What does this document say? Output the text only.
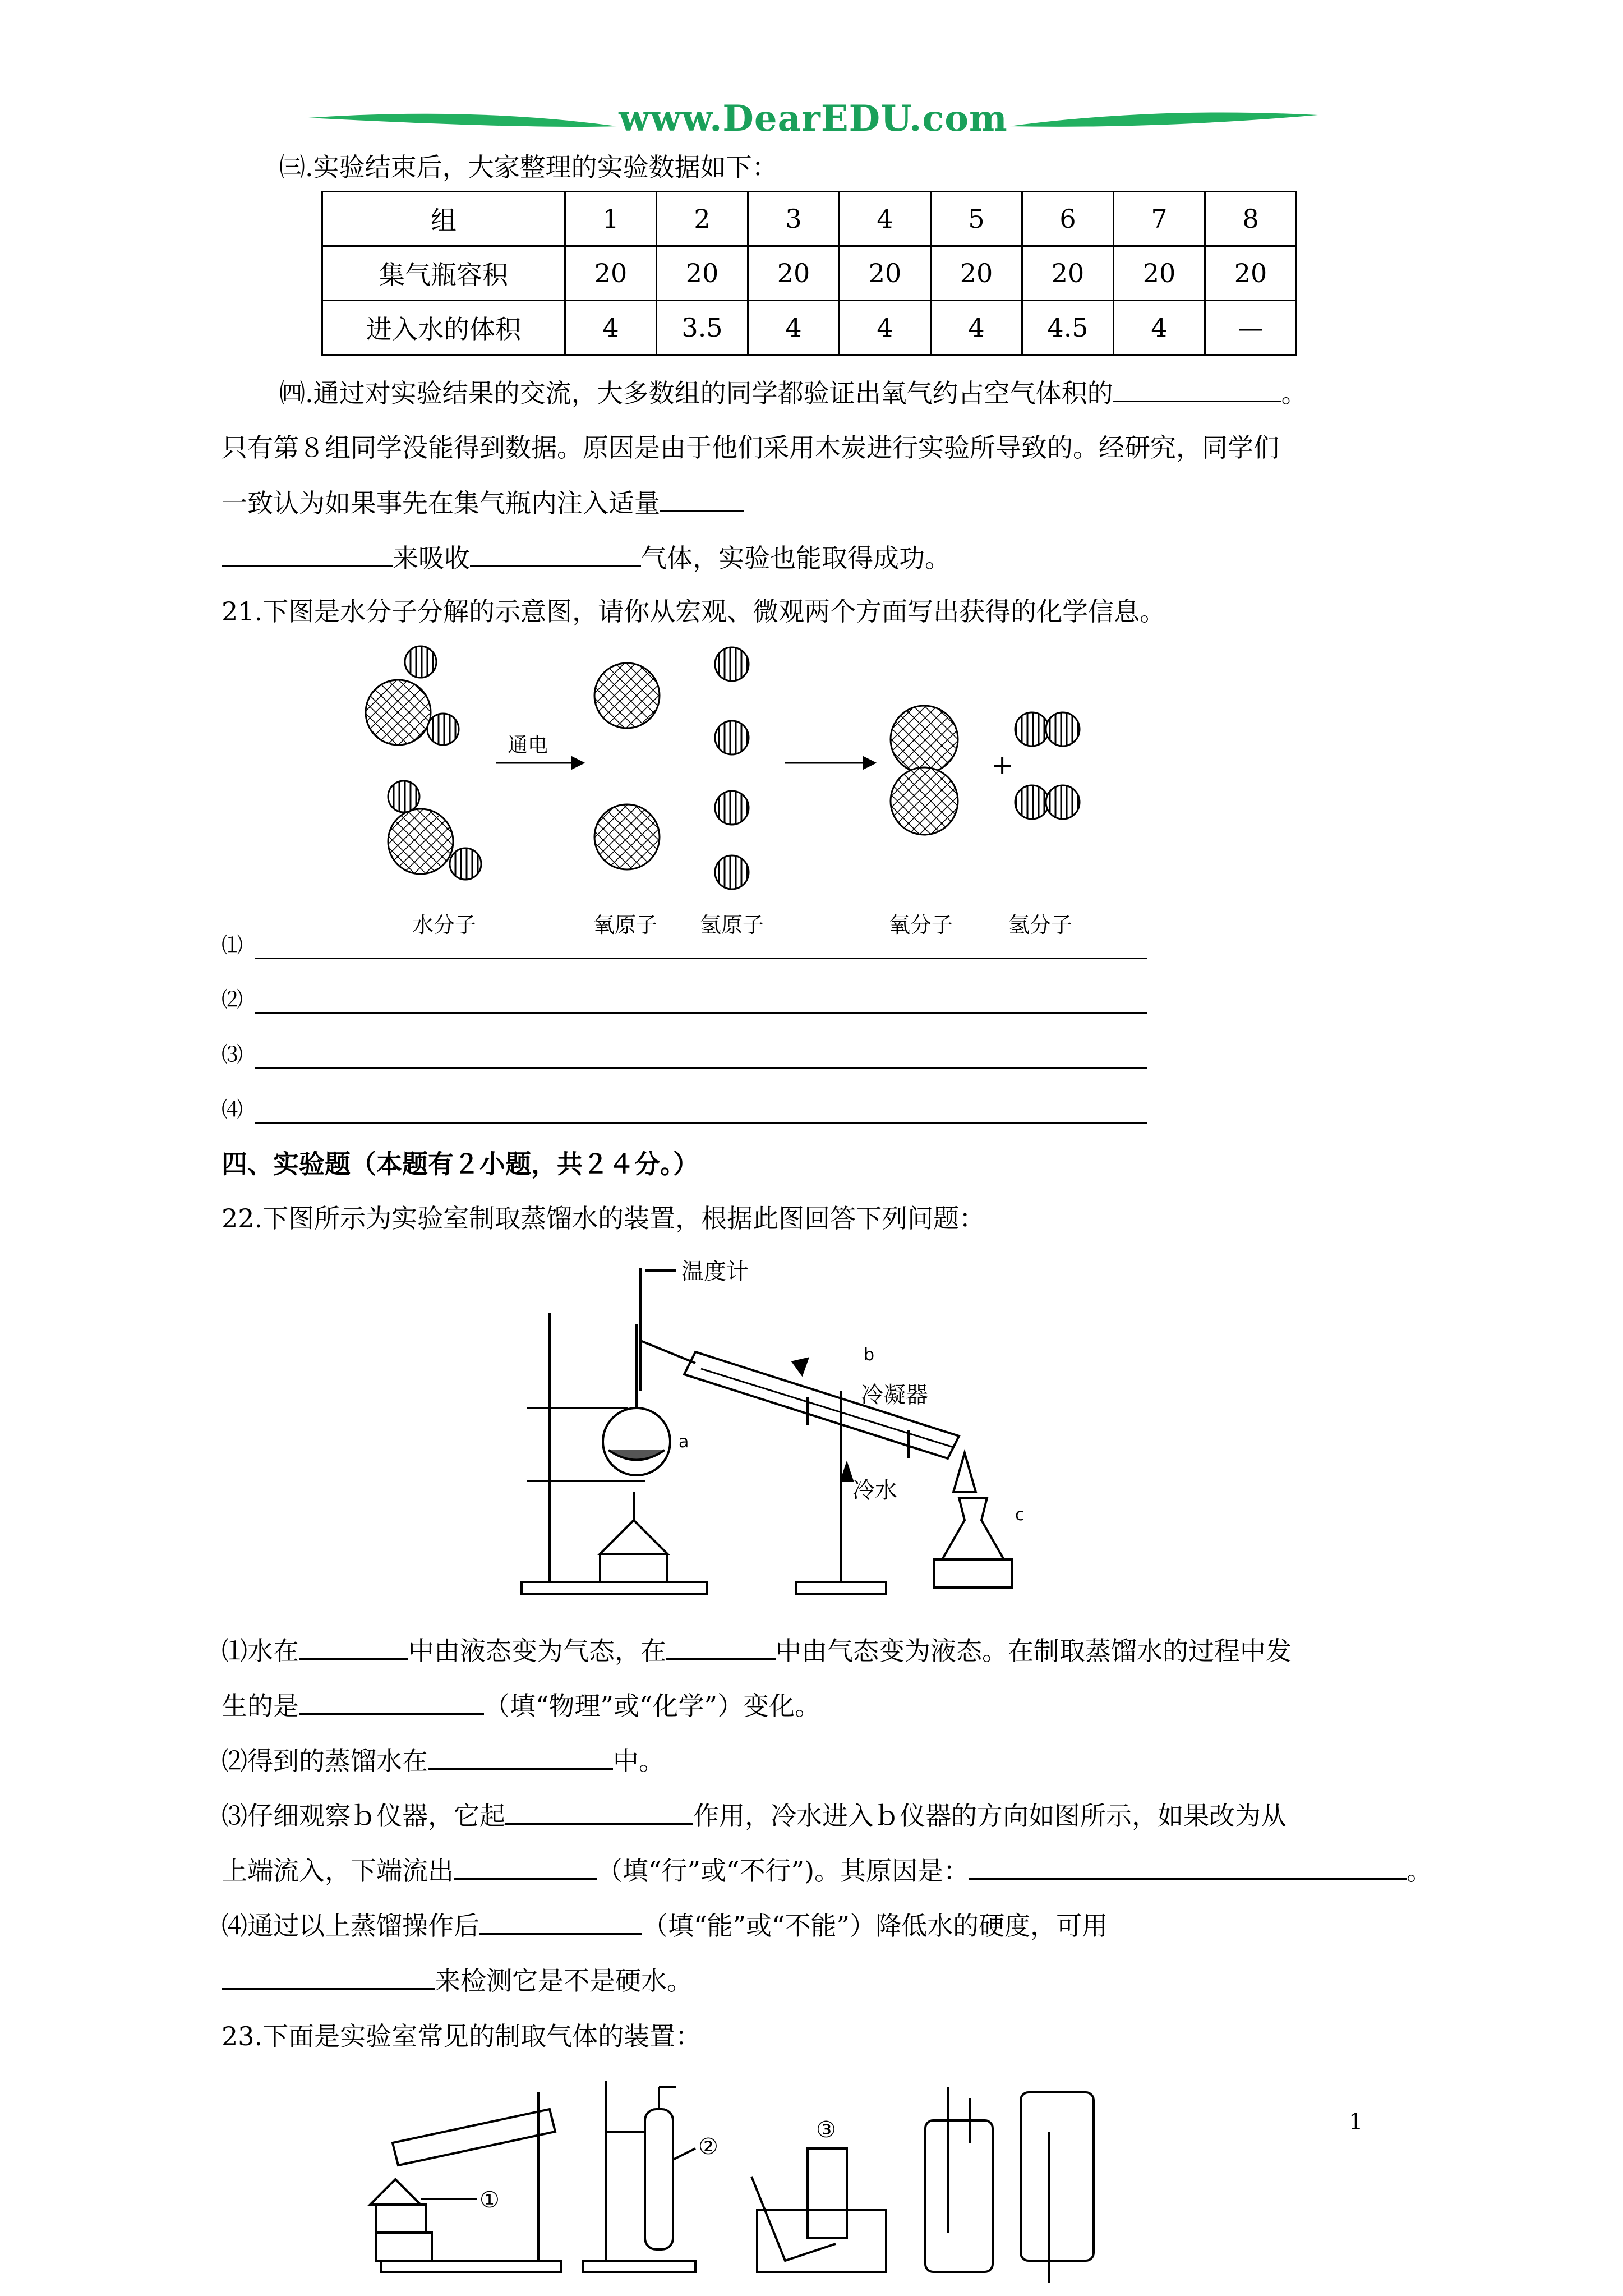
www.DearEDU.com
㈢.实验结束后，大家整理的实验数据如下：
组	1	2	3	4	5	6	7	8
集气瓶容积	20	20	20	20	20	20	20	20
进入水的体积	4	3.5	4	4	4	4.5	4	—
㈣.通过对实验结果的交流，大多数组的同学都验证出氧气约占空气体积的	。
只有第８组同学没能得到数据。原因是由于他们采用木炭进行实验所导致的。经研究，同学们
一致认为如果事先在集气瓶内注入适量
来吸收	气体，实验也能取得成功。
21.下图是水分子分解的示意图，请你从宏观、微观两个方面写出获得的化学信息。
通电
+
水分子	氧原子 氢原子	氧分子	氢分子
⑴
⑵
⑶
⑷
四、实验题（本题有２小题，共２４分。）
22.下图所示为实验室制取蒸馏水的装置，根据此图回答下列问题：
温度计
冷凝器
冷水
a
b
c
⑴水在	中由液态变为气态，在	中由气态变为液态。在制取蒸馏水的过程中发
生的是	（填“物理”或“化学”）变化。
⑵得到的蒸馏水在	中。
⑶仔细观察ｂ仪器，它起	作用，冷水进入ｂ仪器的方向如图所示，如果改为从
上端流入，下端流出	（填“行”或“不行”)。其原因是：	。
⑷通过以上蒸馏操作后	（填“能”或“不能”）降低水的硬度，可用
来检测它是不是硬水。
23.下面是实验室常见的制取气体的装置：
①
②
③	1
